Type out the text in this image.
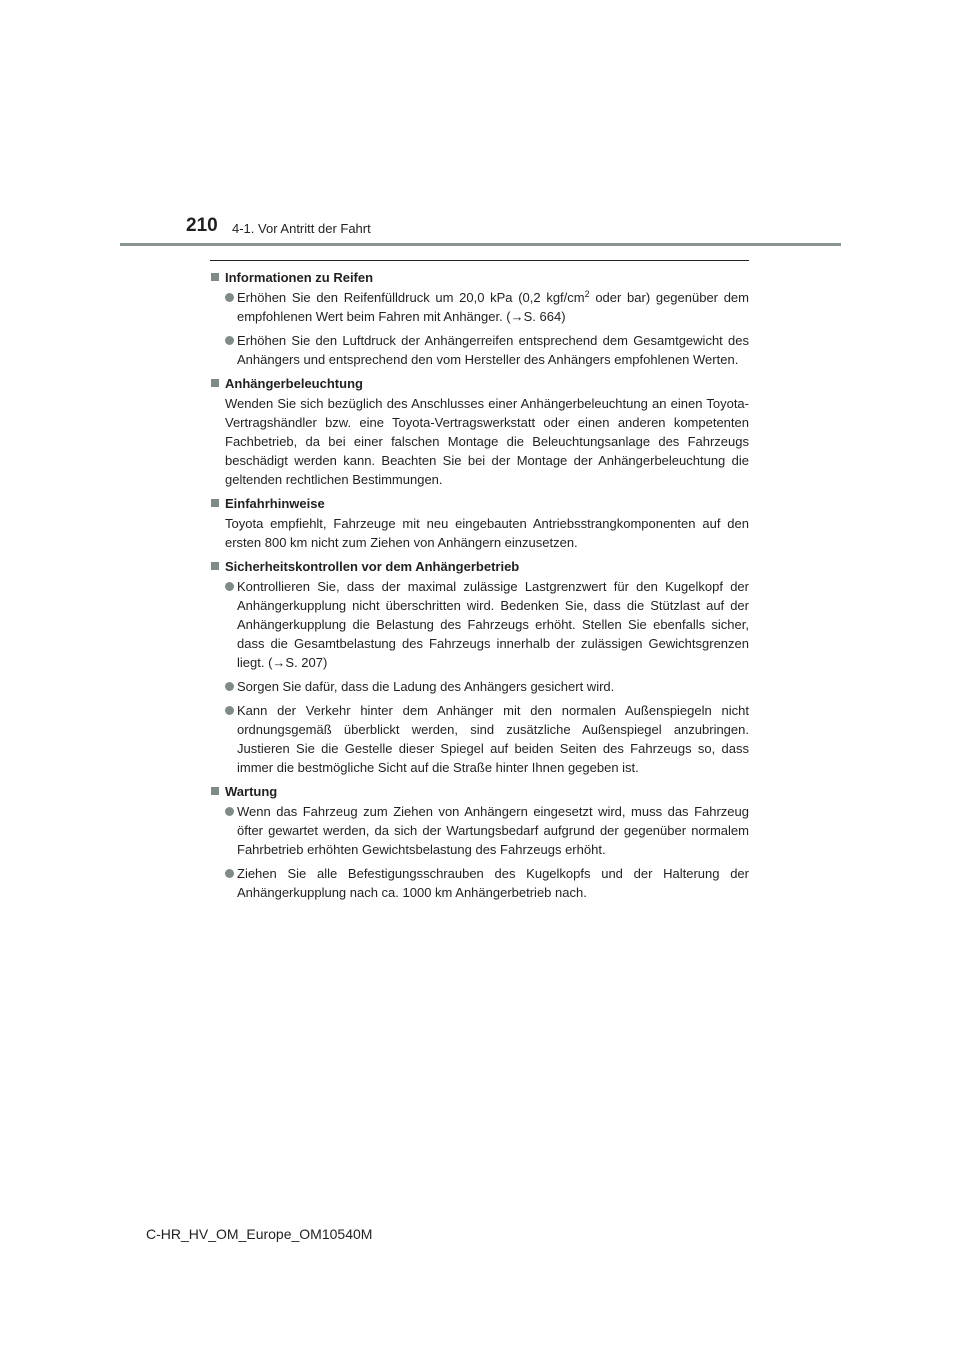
210 4-1. Vor Antritt der Fahrt
Informationen zu Reifen
Erhöhen Sie den Reifenfülldruck um 20,0 kPa (0,2 kgf/$cm^2$ oder bar) gegenüber dem empfohlenen Wert beim Fahren mit Anhänger. (→S. 664)
Erhöhen Sie den Luftdruck der Anhängerreifen entsprechend dem Gesamtgewicht des Anhängers und entsprechend den vom Hersteller des Anhängers empfohlenen Werten.
Anhängerbeleuchtung
Wenden Sie sich bezüglich des Anschlusses einer Anhängerbeleuchtung an einen Toyota-Vertragshändler bzw. eine Toyota-Vertragswerkstatt oder einen anderen kompetenten Fachbetrieb, da bei einer falschen Montage die Beleuchtungsanlage des Fahrzeugs beschädigt werden kann. Beachten Sie bei der Montage der Anhängerbeleuchtung die geltenden rechtlichen Bestimmungen.
Einfahrhinweise
Toyota empfiehlt, Fahrzeuge mit neu eingebauten Antriebsstrangkomponenten auf den ersten 800 km nicht zum Ziehen von Anhängern einzusetzen.
Sicherheitskontrollen vor dem Anhängerbetrieb
Kontrollieren Sie, dass der maximal zulässige Lastgrenzwert für den Kugelkopf der Anhängerkupplung nicht überschritten wird. Bedenken Sie, dass die Stützlast auf der Anhängerkupplung die Belastung des Fahrzeugs erhöht. Stellen Sie ebenfalls sicher, dass die Gesamtbelastung des Fahrzeugs innerhalb der zulässigen Gewichtsgrenzen liegt. (→S. 207)
Sorgen Sie dafür, dass die Ladung des Anhängers gesichert wird.
Kann der Verkehr hinter dem Anhänger mit den normalen Außenspiegeln nicht ordnungsgemäß überblickt werden, sind zusätzliche Außenspiegel anzubringen. Justieren Sie die Gestelle dieser Spiegel auf beiden Seiten des Fahrzeugs so, dass immer die bestmögliche Sicht auf die Straße hinter Ihnen gegeben ist.
Wartung
Wenn das Fahrzeug zum Ziehen von Anhängern eingesetzt wird, muss das Fahrzeug öfter gewartet werden, da sich der Wartungsbedarf aufgrund der gegenüber normalem Fahrbetrieb erhöhten Gewichtsbelastung des Fahrzeugs erhöht.
Ziehen Sie alle Befestigungsschrauben des Kugelkopfs und der Halterung der Anhängerkupplung nach ca. 1000 km Anhängerbetrieb nach.
C-HR_HV_OM_Europe_OM10540M
